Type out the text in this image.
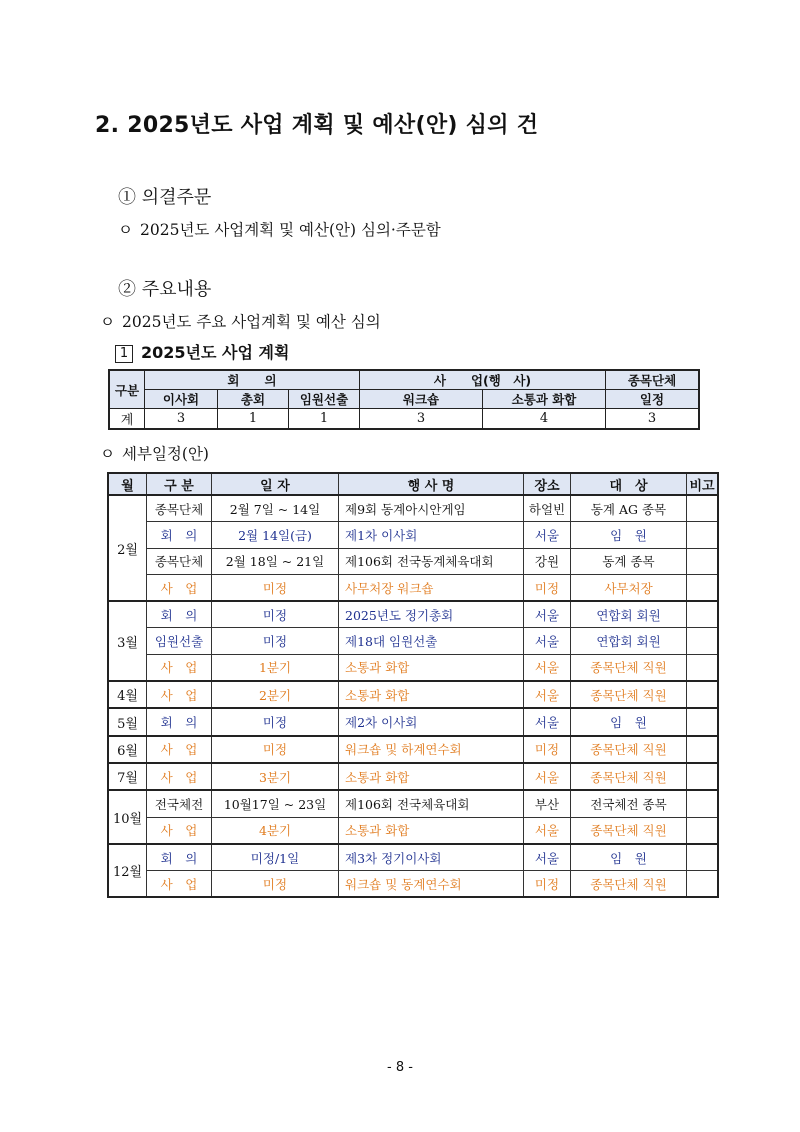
2. 2025년도 사업 계획 및 예산(안) 심의 건
① 의결주문
ㅇ 2025년도 사업계획 및 예산(안) 심의·주문함
② 주요내용
ㅇ 2025년도 주요 사업계획 및 예산 심의
1 2025년도 사업 계획
구분	회　　의			사　　업(행　사)		종목단체
	이사회	총회	임원선출	워크숍	소통과 화합	일정
계	3	1	1	3	4	3
ㅇ 세부일정(안)
월	구 분	일 자	행 사 명	장소	대　상	비고
2월	종목단체	2월 7일 ~ 14일	제9회 동계아시안게임	하얼빈	동계 AG 종목	
	회　의	2월 14일(금)	제1차 이사회	서울	임　원	
	종목단체	2월 18일 ~ 21일	제106회 전국동계체육대회	강원	동계 종목	
	사　업	미정	사무처장 워크숍	미정	사무처장	
3월	회　의	미정	2025년도 정기총회	서울	연합회 회원	
	임원선출	미정	제18대 임원선출	서울	연합회 회원	
	사　업	1분기	소통과 화합	서울	종목단체 직원	
4월	사　업	2분기	소통과 화합	서울	종목단체 직원	
5월	회　의	미정	제2차 이사회	서울	임　원	
6월	사　업	미정	워크숍 및 하계연수회	미정	종목단체 직원	
7월	사　업	3분기	소통과 화합	서울	종목단체 직원	
10월	전국체전	10월17일 ~ 23일	제106회 전국체육대회	부산	전국체전 종목	
	사　업	4분기	소통과 화합	서울	종목단체 직원	
12월	회　의	미정/1일	제3차 정기이사회	서울	임　원	
	사　업	미정	워크숍 및 동계연수회	미정	종목단체 직원	
- 8 -
